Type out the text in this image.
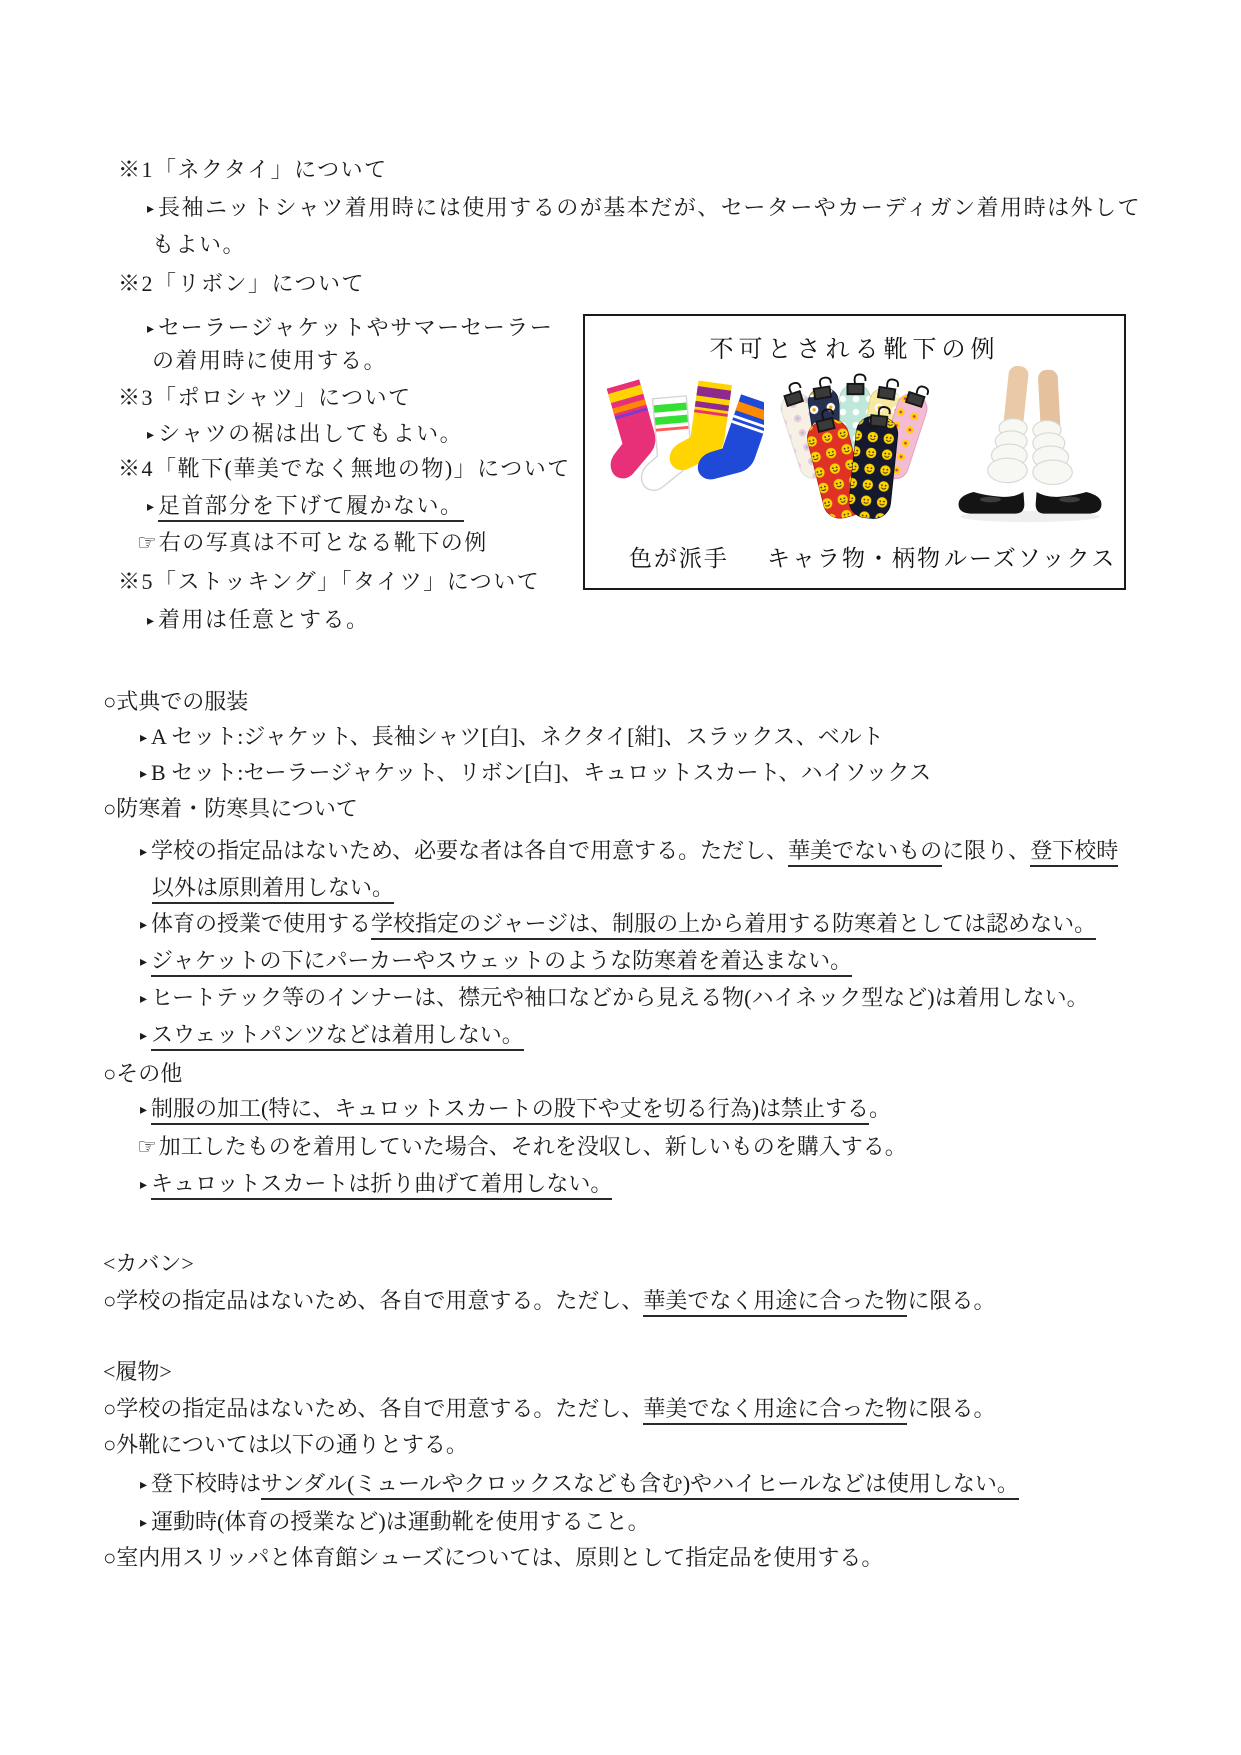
※1「ネクタイ」について
▸ 長袖ニットシャツ着用時には使用するのが基本だが、セーターやカーディガン着用時は外して
もよい。
※2「リボン」について
▸ セーラージャケットやサマーセーラー
の着用時に使用する。
※3「ポロシャツ」について
▸ シャツの裾は出してもよい。
※4「靴下(華美でなく無地の物)」について
▸ 足首部分を下げて履かない。
☞右の写真は不可となる靴下の例
※5「ストッキング」「タイツ」について
▸ 着用は任意とする。
○式典での服装
▸ A セット:ジャケット、長袖シャツ[白]、ネクタイ[紺]、スラックス、ベルト
▸ B セット:セーラージャケット、リボン[白]、キュロットスカート、ハイソックス
○防寒着・防寒具について
▸ 学校の指定品はないため、必要な者は各自で用意する。ただし、華美でないものに限り、登下校時
以外は原則着用しない。
▸ 体育の授業で使用する学校指定のジャージは、制服の上から着用する防寒着としては認めない。
▸ ジャケットの下にパーカーやスウェットのような防寒着を着込まない。
▸ ヒートテック等のインナーは、襟元や袖口などから見える物(ハイネック型など)は着用しない。
▸ スウェットパンツなどは着用しない。
○その他
▸ 制服の加工(特に、キュロットスカートの股下や丈を切る行為)は禁止する。
☞加工したものを着用していた場合、それを没収し、新しいものを購入する。
▸ キュロットスカートは折り曲げて着用しない。
<カバン>
○学校の指定品はないため、各自で用意する。ただし、華美でなく用途に合った物に限る。
<履物>
○学校の指定品はないため、各自で用意する。ただし、華美でなく用途に合った物に限る。
○外靴については以下の通りとする。
▸ 登下校時はサンダル(ミュールやクロックスなども含む)やハイヒールなどは使用しない。
▸ 運動時(体育の授業など)は運動靴を使用すること。
○室内用スリッパと体育館シューズについては、原則として指定品を使用する。
不可とされる靴下の例
色が派手	キャラ物・柄物 ルーズソックス
